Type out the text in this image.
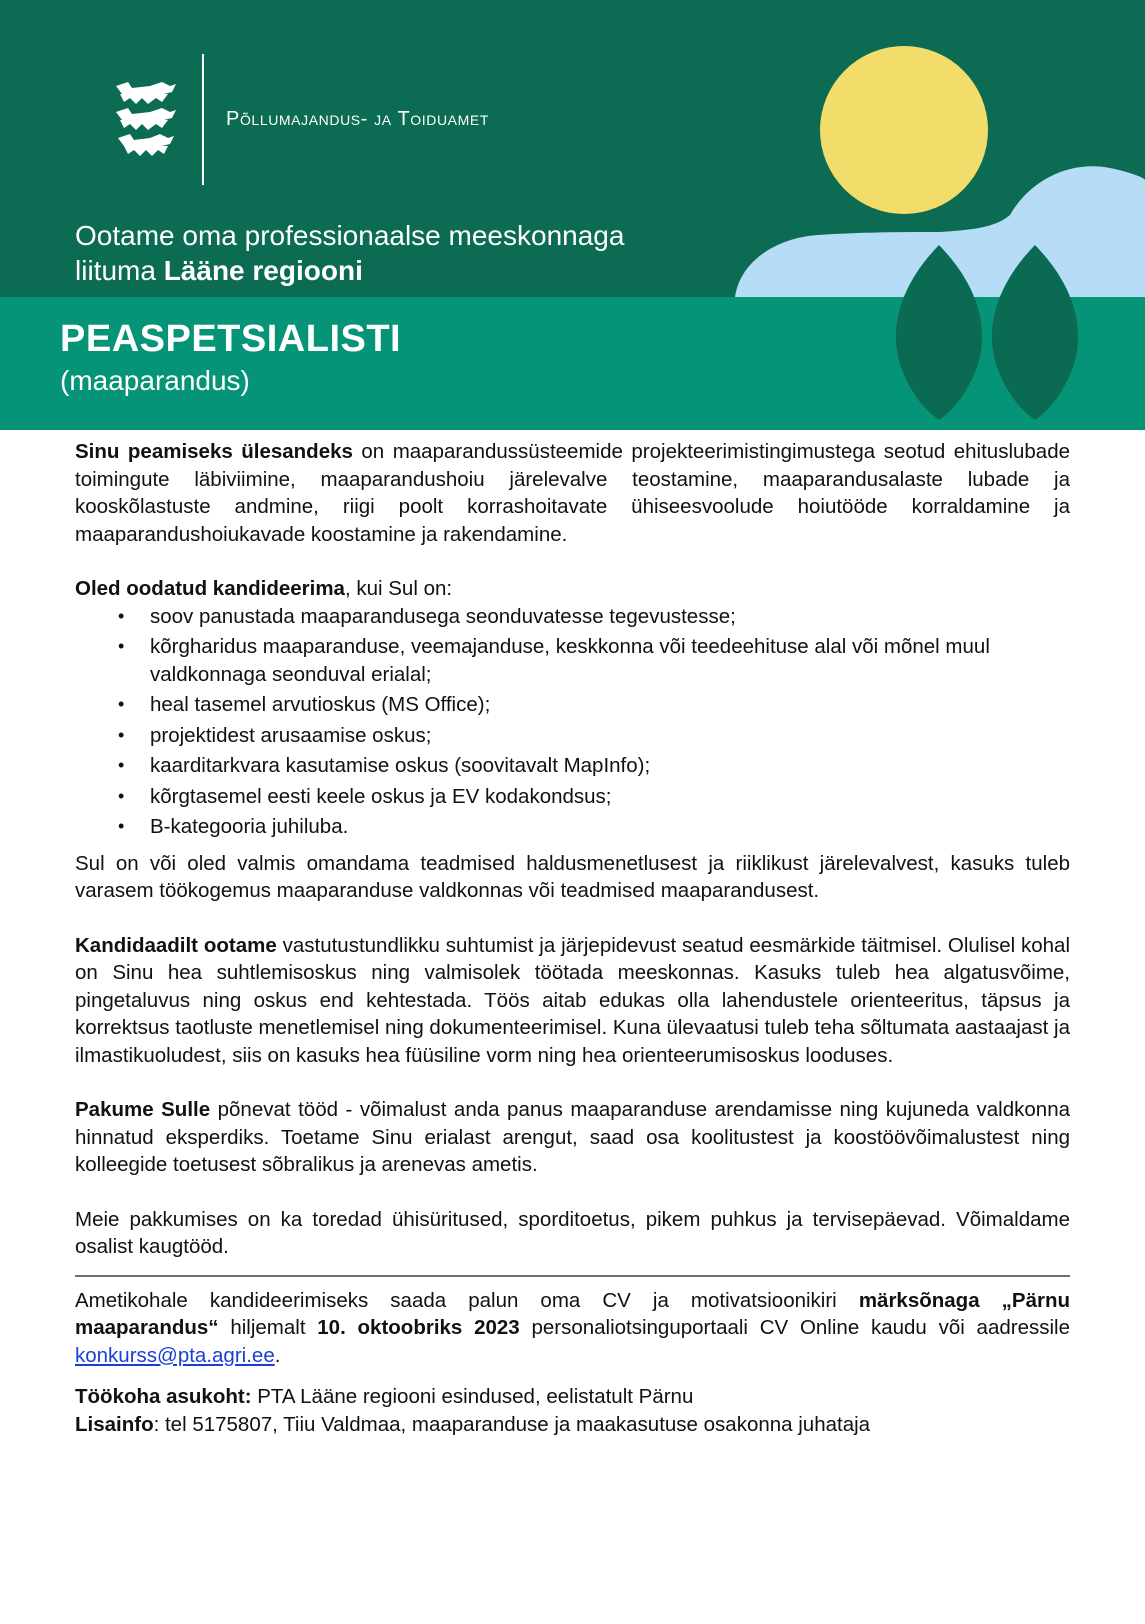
Põllumajandus- ja Toiduamet
Ootame oma professionaalse meeskonnaga
liituma Lääne regiooni
PEASPETSIALISTI
(maaparandus)

Sinu peamiseks ülesandeks on maaparandussüsteemide projekteerimistingimustega seotud ehituslubade toimingute läbiviimine, maaparandushoiu järelevalve teostamine, maaparandusalaste lubade ja kooskõlastuste andmine, riigi poolt korrashoitavate ühiseesvoolude hoiutööde korraldamine ja maaparandushoiukavade koostamine ja rakendamine.

Oled oodatud kandideerima, kui Sul on:

• soov panustada maaparandusega seonduvatesse tegevustesse;
• kõrgharidus maaparanduse, veemajanduse, keskkonna või teedeehituse alal või mõnel muul valdkonnaga seonduval erialal;
• heal tasemel arvutioskus (MS Office);
• projektidest arusaamise oskus;
• kaarditarkvara kasutamise oskus (soovitavalt MapInfo);
• kõrgtasemel eesti keele oskus ja EV kodakondsus;
• B-kategooria juhiluba.

Sul on või oled valmis omandama teadmised haldusmenetlusest ja riiklikust järelevalvest, kasuks tuleb varasem töökogemus maaparanduse valdkonnas või teadmised maaparandusest.

Kandidaadilt ootame vastutustundlikku suhtumist ja järjepidevust seatud eesmärkide täitmisel. Olulisel kohal on Sinu hea suhtlemisoskus ning valmisolek töötada meeskonnas. Kasuks tuleb hea algatusvõime, pingetaluvus ning oskus end kehtestada. Töös aitab edukas olla lahendustele orienteeritus, täpsus ja korrektsus taotluste menetlemisel ning dokumenteerimisel. Kuna ülevaatusi tuleb teha sõltumata aastaajast ja ilmastikuoludest, siis on kasuks hea füüsiline vorm ning hea orienteerumisoskus looduses.

Pakume Sulle põnevat tööd - võimalust anda panus maaparanduse arendamisse ning kujuneda valdkonna hinnatud eksperdiks. Toetame Sinu erialast arengut, saad osa koolitustest ja koostöövõimalustest ning kolleegide toetusest sõbralikus ja arenevas ametis.

Meie pakkumises on ka toredad ühisüritused, sporditoetus, pikem puhkus ja tervisepäevad. Võimaldame osalist kaugtööd.

Ametikohale kandideerimiseks saada palun oma CV ja motivatsioonikiri märksõnaga „Pärnu maaparandus“ hiljemalt 10. oktoobriks 2023 personaliotsinguportaali CV Online kaudu või aadressile konkurss@pta.agri.ee.

Töökoha asukoht: PTA Lääne regiooni esindused, eelistatult Pärnu

Lisainfo: tel 5175807, Tiiu Valdmaa, maaparanduse ja maakasutuse osakonna juhataja
